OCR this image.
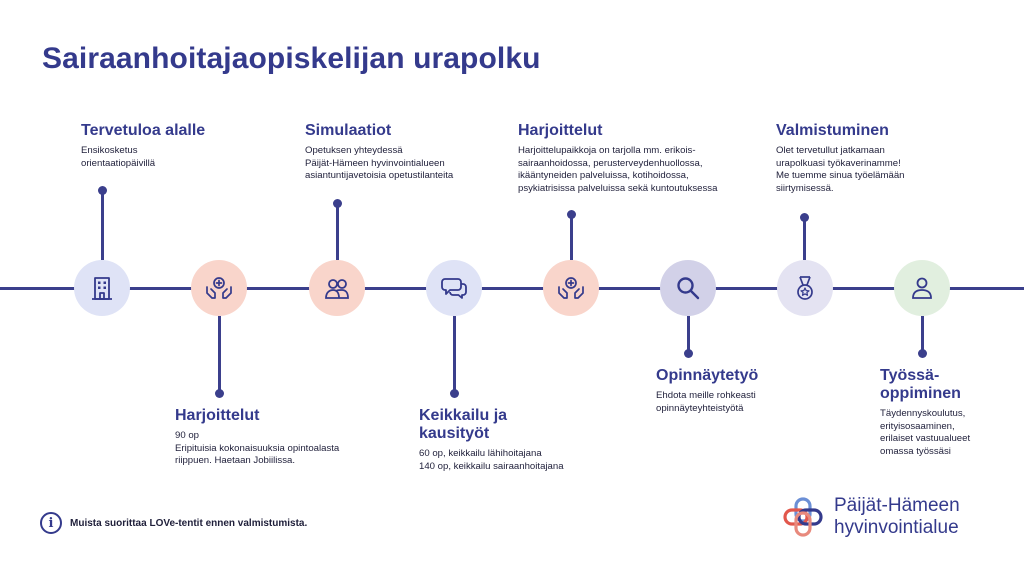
Sairaanhoitajaopiskelijan urapolku

Tervetuloa alalle

Ensikosketus

orientaatiopäivillä

Harjoittelut

90 op

Eripituisia kokonaisuuksia opintoalasta

riippuen. Haetaan Jobiilissa.

Simulaatiot

Opetuksen yhteydessä

Päijät-Hämeen hyvinvointialueen

asiantuntijavetoisia opetustilanteita

Keikkailu ja

kausityöt

60 op, keikkailu lähihoitajana

140 op, keikkailu sairaanhoitajana

Harjoittelut

Harjoittelupaikkoja on tarjolla mm. erikois-

sairaanhoidossa, perusterveydenhuollossa,

ikääntyneiden palveluissa, kotihoidossa,

psykiatrisissa palveluissa sekä kuntoutuksessa

Opinnäytetyö

Ehdota meille rohkeasti

opinnäyteyhteistyötä

Valmistuminen

Olet tervetullut jatkamaan

urapolkuasi työkaverinamme!

Me tuemme sinua työelämään

siirtymisessä.

Työssä-

oppiminen

Täydennyskoulutus,

erityisosaaminen,

erilaiset vastuualueet

omassa työssäsi

i	Muista suorittaa LOVe-tentit ennen valmistumista.
Päijät-Hämeen
hyvinvointialue
